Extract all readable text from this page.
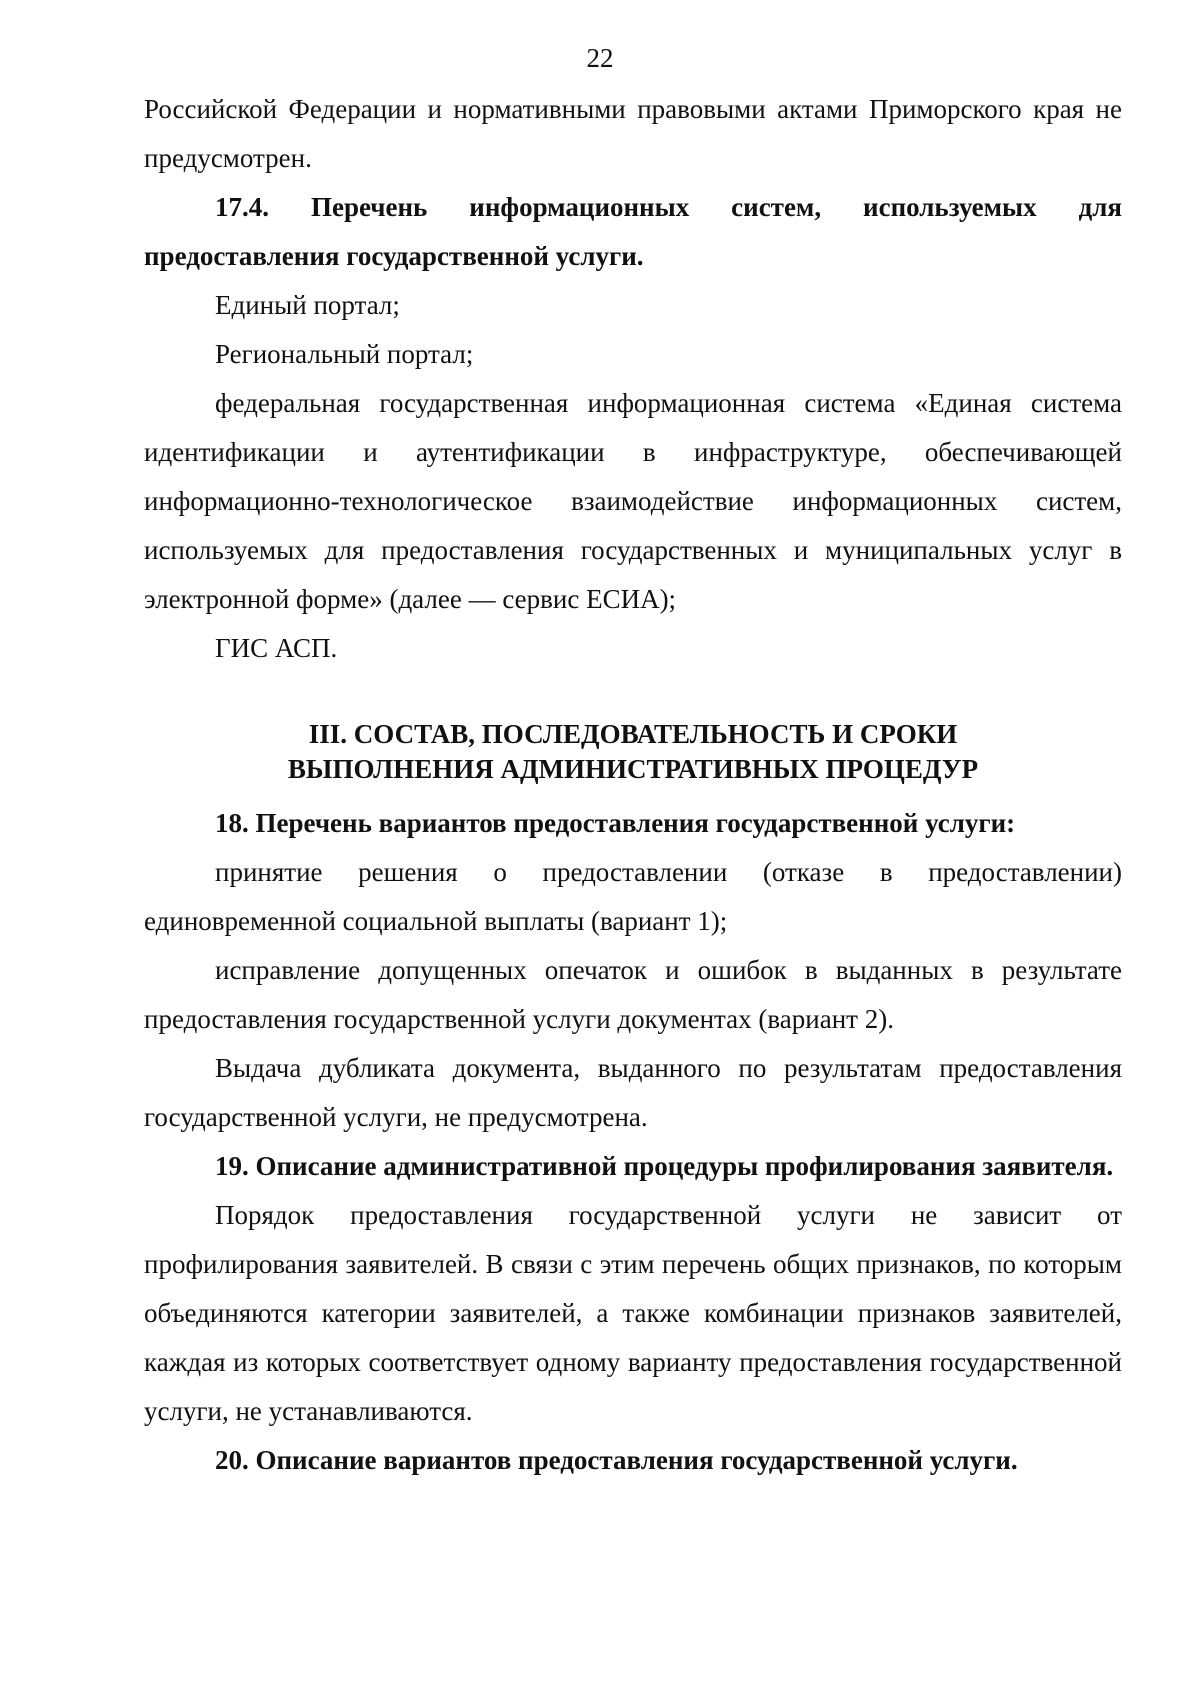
22

Российской Федерации и нормативными правовыми актами Приморского края не предусмотрен.

17.4. Перечень информационных систем, используемых для предоставления государственной услуги.

Единый портал;

Региональный портал;

федеральная государственная информационная система «Единая система идентификации и аутентификации в инфраструктуре, обеспечивающей информационно-технологическое взаимодействие информационных систем, используемых для предоставления государственных и муниципальных услуг в электронной форме» (далее — сервис ЕСИА);

ГИС АСП.

III. СОСТАВ, ПОСЛЕДОВАТЕЛЬНОСТЬ И СРОКИ
ВЫПОЛНЕНИЯ АДМИНИСТРАТИВНЫХ ПРОЦЕДУР

18. Перечень вариантов предоставления государственной услуги:

принятие решения о предоставлении (отказе в предоставлении) единовременной социальной выплаты (вариант 1);

исправление допущенных опечаток и ошибок в выданных в результате предоставления государственной услуги документах (вариант 2).

Выдача дубликата документа, выданного по результатам предоставления государственной услуги, не предусмотрена.

19. Описание административной процедуры профилирования заявителя.

Порядок предоставления государственной услуги не зависит от профилирования заявителей. В связи с этим перечень общих признаков, по которым объединяются категории заявителей, а также комбинации признаков заявителей, каждая из которых соответствует одному варианту предоставления государственной услуги, не устанавливаются.

20. Описание вариантов предоставления государственной услуги.
